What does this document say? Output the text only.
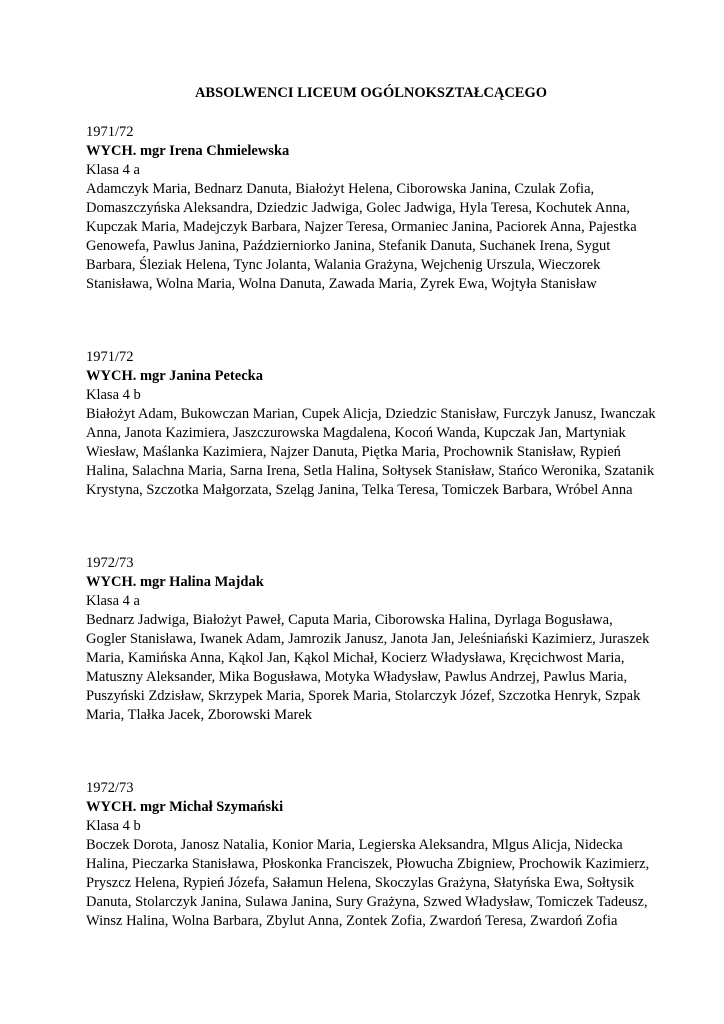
ABSOLWENCI LICEUM OGÓLNOKSZTAŁCĄCEGO
1971/72
WYCH. mgr Irena Chmielewska
Klasa 4 a
Adamczyk Maria, Bednarz Danuta, Białożyt Helena, Ciborowska Janina, Czulak Zofia, Domaszczyńska Aleksandra, Dziedzic Jadwiga, Golec Jadwiga, Hyla Teresa, Kochutek Anna, Kupczak Maria, Madejczyk Barbara, Najzer Teresa, Ormaniec Janina, Paciorek Anna, Pajestka Genowefa, Pawlus Janina, Październiorko Janina, Stefanik Danuta, Suchanek Irena, Sygut Barbara, Śleziak Helena, Tync Jolanta, Walania Grażyna, Wejchenig Urszula, Wieczorek Stanisława, Wolna Maria, Wolna Danuta, Zawada Maria, Zyrek Ewa, Wojtyła Stanisław
1971/72
WYCH. mgr Janina Petecka
Klasa 4 b
Białożyt Adam, Bukowczan Marian, Cupek Alicja, Dziedzic Stanisław, Furczyk Janusz, Iwanczak Anna, Janota Kazimiera, Jaszczurowska Magdalena, Kocoń Wanda, Kupczak Jan, Martyniak Wiesław, Maślanka Kazimiera, Najzer Danuta, Piętka Maria, Prochownik Stanisław, Rypień Halina, Salachna Maria, Sarna Irena, Setla Halina, Sołtysek Stanisław, Stańco Weronika, Szatanik Krystyna, Szczotka Małgorzata, Szeląg Janina, Telka Teresa, Tomiczek Barbara, Wróbel Anna
1972/73
WYCH. mgr Halina Majdak
Klasa 4 a
Bednarz Jadwiga, Białożyt Paweł, Caputa Maria, Ciborowska Halina, Dyrlaga Bogusława, Gogler Stanisława, Iwanek Adam, Jamrozik Janusz, Janota Jan, Jeleśniański Kazimierz, Juraszek Maria, Kamińska Anna, Kąkol Jan, Kąkol Michał, Kocierz Władysława, Kręcichwost Maria, Matuszny Aleksander, Mika Bogusława, Motyka Władysław, Pawlus Andrzej, Pawlus Maria, Puszyński Zdzisław, Skrzypek Maria, Sporek Maria, Stolarczyk Józef, Szczotka Henryk, Szpak Maria, Tlałka Jacek, Zborowski Marek
1972/73
WYCH. mgr Michał Szymański
Klasa 4 b
Boczek Dorota, Janosz Natalia, Konior Maria, Legierska Aleksandra, Mlgus Alicja, Nidecka Halina, Pieczarka Stanisława, Płoskonka Franciszek, Płowucha Zbigniew, Prochowik Kazimierz, Pryszcz Helena, Rypień Józefa, Sałamun Helena, Skoczylas Grażyna, Słatyńska Ewa, Sołtysik Danuta, Stolarczyk Janina, Sulawa Janina, Sury Grażyna, Szwed Władysław, Tomiczek Tadeusz, Winsz Halina, Wolna Barbara, Zbylut Anna, Zontek Zofia, Zwardoń Teresa, Zwardoń Zofia
